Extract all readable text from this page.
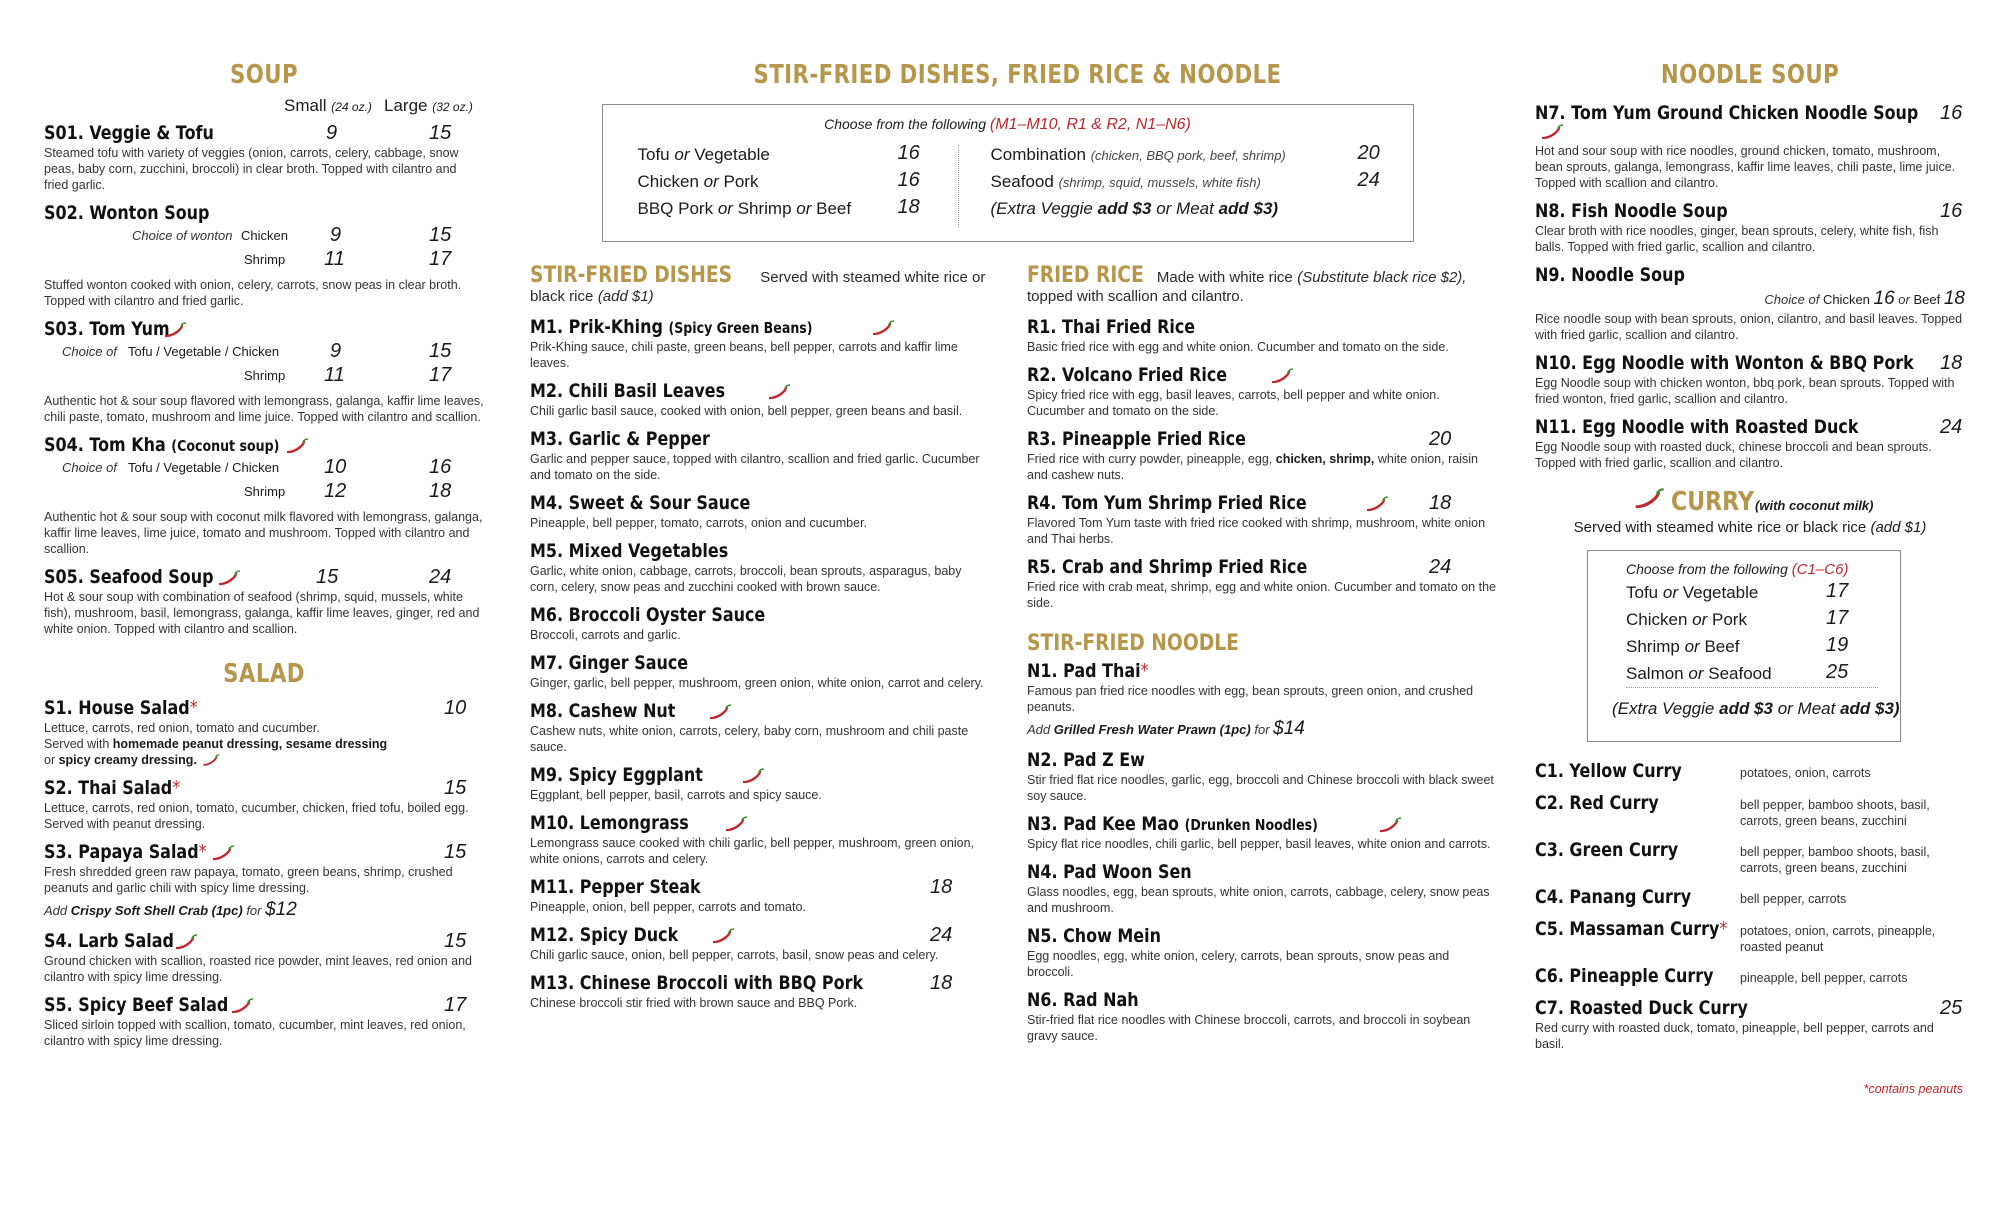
SOUP
Small (24 oz.) Large (32 oz.)
S01. Veggie & Tofu	9	15
Steamed tofu with variety of veggies (onion, carrots, celery, cabbage, snow peas, baby corn, zucchini, broccoli) in clear broth. Topped with cilantro and fried garlic.
S02. Wonton Soup
Choice of wonton Chicken 9	15
Shrimp 11	17
Stuffed wonton cooked with onion, celery, carrots, snow peas in clear broth. Topped with cilantro and fried garlic.
S03. Tom Yum
Choice of Tofu / Vegetable / Chicken	9	15
Shrimp 11	17
Authentic hot & sour soup flavored with lemongrass, galanga, kaffir lime leaves, chili paste, tomato, mushroom and lime juice. Topped with cilantro and scallion.
S04. Tom Kha (Coconut soup)
Choice of Tofu / Vegetable / Chicken 10	16
Shrimp 12	18
Authentic hot & sour soup with coconut milk flavored with lemongrass, galanga, kaffir lime leaves, lime juice, tomato and mushroom. Topped with cilantro and scallion.
S05. Seafood Soup	15	24
Hot & sour soup with combination of seafood (shrimp, squid, mussels, white fish), mushroom, basil, lemongrass, galanga, kaffir lime leaves, ginger, red and white onion. Topped with cilantro and scallion.
SALAD
S1. House Salad*	10
Lettuce, carrots, red onion, tomato and cucumber.
Served with homemade peanut dressing, sesame dressing
or spicy creamy dressing.
S2. Thai Salad*	15
Lettuce, carrots, red onion, tomato, cucumber, chicken, fried tofu, boiled egg. Served with peanut dressing.
S3. Papaya Salad*	15
Fresh shredded green raw papaya, tomato, green beans, shrimp, crushed peanuts and garlic chili with spicy lime dressing.
Add Crispy Soft Shell Crab (1pc) for $12
S4. Larb Salad	15
Ground chicken with scallion, roasted rice powder, mint leaves, red onion and cilantro with spicy lime dressing.
S5. Spicy Beef Salad	17
Sliced sirloin topped with scallion, tomato, cucumber, mint leaves, red onion, cilantro with spicy lime dressing.
STIR-FRIED DISHES, FRIED RICE & NOODLE
Choose from the following (M1–M10, R1 & R2, N1–N6)
Tofu or Vegetable	16
Chicken or Pork	16
BBQ Pork or Shrimp or Beef 18
Combination (chicken, BBQ pork, beef, shrimp)	20
Seafood (shrimp, squid, mussels, white fish)	24
(Extra Veggie add $3 or Meat add $3)
STIR-FRIED DISHES Served with steamed white rice or black rice (add $1)
M1. Prik-Khing (Spicy Green Beans)
Prik-Khing sauce, chili paste, green beans, bell pepper, carrots and kaffir lime leaves.
M2. Chili Basil Leaves
Chili garlic basil sauce, cooked with onion, bell pepper, green beans and basil.
M3. Garlic & Pepper
Garlic and pepper sauce, topped with cilantro, scallion and fried garlic. Cucumber and tomato on the side.
M4. Sweet & Sour Sauce
Pineapple, bell pepper, tomato, carrots, onion and cucumber.
M5. Mixed Vegetables
Garlic, white onion, cabbage, carrots, broccoli, bean sprouts, asparagus, baby corn, celery, snow peas and zucchini cooked with brown sauce.
M6. Broccoli Oyster Sauce
Broccoli, carrots and garlic.
M7. Ginger Sauce
Ginger, garlic, bell pepper, mushroom, green onion, white onion, carrot and celery.
M8. Cashew Nut
Cashew nuts, white onion, carrots, celery, baby corn, mushroom and chili paste sauce.
M9. Spicy Eggplant
Eggplant, bell pepper, basil, carrots and spicy sauce.
M10. Lemongrass
Lemongrass sauce cooked with chili garlic, bell pepper, mushroom, green onion, white onions, carrots and celery.
M11. Pepper Steak	18
Pineapple, onion, bell pepper, carrots and tomato.
M12. Spicy Duck	24
Chili garlic sauce, onion, bell pepper, carrots, basil, snow peas and celery.
M13. Chinese Broccoli with BBQ Pork	18
Chinese broccoli stir fried with brown sauce and BBQ Pork.
FRIED RICE Made with white rice (Substitute black rice $2), topped with scallion and cilantro.
R1. Thai Fried Rice
Basic fried rice with egg and white onion. Cucumber and tomato on the side.
R2. Volcano Fried Rice
Spicy fried rice with egg, basil leaves, carrots, bell pepper and white onion. Cucumber and tomato on the side.
R3. Pineapple Fried Rice	20
Fried rice with curry powder, pineapple, egg, chicken, shrimp, white onion, raisin and cashew nuts.
R4. Tom Yum Shrimp Fried Rice	18
Flavored Tom Yum taste with fried rice cooked with shrimp, mushroom, white onion and Thai herbs.
R5. Crab and Shrimp Fried Rice	24
Fried rice with crab meat, shrimp, egg and white onion. Cucumber and tomato on the side.
STIR-FRIED NOODLE
N1. Pad Thai*
Famous pan fried rice noodles with egg, bean sprouts, green onion, and crushed peanuts.
Add Grilled Fresh Water Prawn (1pc) for $14
N2. Pad Z Ew
Stir fried flat rice noodles, garlic, egg, broccoli and Chinese broccoli with black sweet soy sauce.
N3. Pad Kee Mao (Drunken Noodles)
Spicy flat rice noodles, chili garlic, bell pepper, basil leaves, white onion and carrots.
N4. Pad Woon Sen
Glass noodles, egg, bean sprouts, white onion, carrots, cabbage, celery, snow peas and mushroom.
N5. Chow Mein
Egg noodles, egg, white onion, celery, carrots, bean sprouts, snow peas and broccoli.
N6. Rad Nah
Stir-fried flat rice noodles with Chinese broccoli, carrots, and broccoli in soybean gravy sauce.
NOODLE SOUP
N7. Tom Yum Ground Chicken Noodle Soup 16
Hot and sour soup with rice noodles, ground chicken, tomato, mushroom, bean sprouts, galanga, lemongrass, kaffir lime leaves, chili paste, lime juice. Topped with scallion and cilantro.
N8. Fish Noodle Soup	16
Clear broth with rice noodles, ginger, bean sprouts, celery, white fish, fish balls. Topped with fried garlic, scallion and cilantro.
N9. Noodle Soup
Choice of Chicken 16 or Beef 18
Rice noodle soup with bean sprouts, onion, cilantro, and basil leaves. Topped with fried garlic, scallion and cilantro.
N10. Egg Noodle with Wonton & BBQ Pork 18
Egg Noodle soup with chicken wonton, bbq pork, bean sprouts. Topped with fried wonton, fried garlic, scallion and cilantro.
N11. Egg Noodle with Roasted Duck	24
Egg Noodle soup with roasted duck, chinese broccoli and bean sprouts. Topped with fried garlic, scallion and cilantro.
CURRY (with coconut milk)
Served with steamed white rice or black rice (add $1)
Choose from the following (C1–C6)
Tofu or Vegetable	17
Chicken or Pork	17
Shrimp or Beef	19
Salmon or Seafood	25
(Extra Veggie add $3 or Meat add $3)
C1. Yellow Curry	potatoes, onion, carrots
C2. Red Curry	bell pepper, bamboo shoots, basil, carrots, green beans, zucchini
C3. Green Curry	bell pepper, bamboo shoots, basil, carrots, green beans, zucchini
C4. Panang Curry	bell pepper, carrots
C5. Massaman Curry*	potatoes, onion, carrots, pineapple, roasted peanut
C6. Pineapple Curry	pineapple, bell pepper, carrots
C7. Roasted Duck Curry	25
Red curry with roasted duck, tomato, pineapple, bell pepper, carrots and basil.
*contains peanuts
